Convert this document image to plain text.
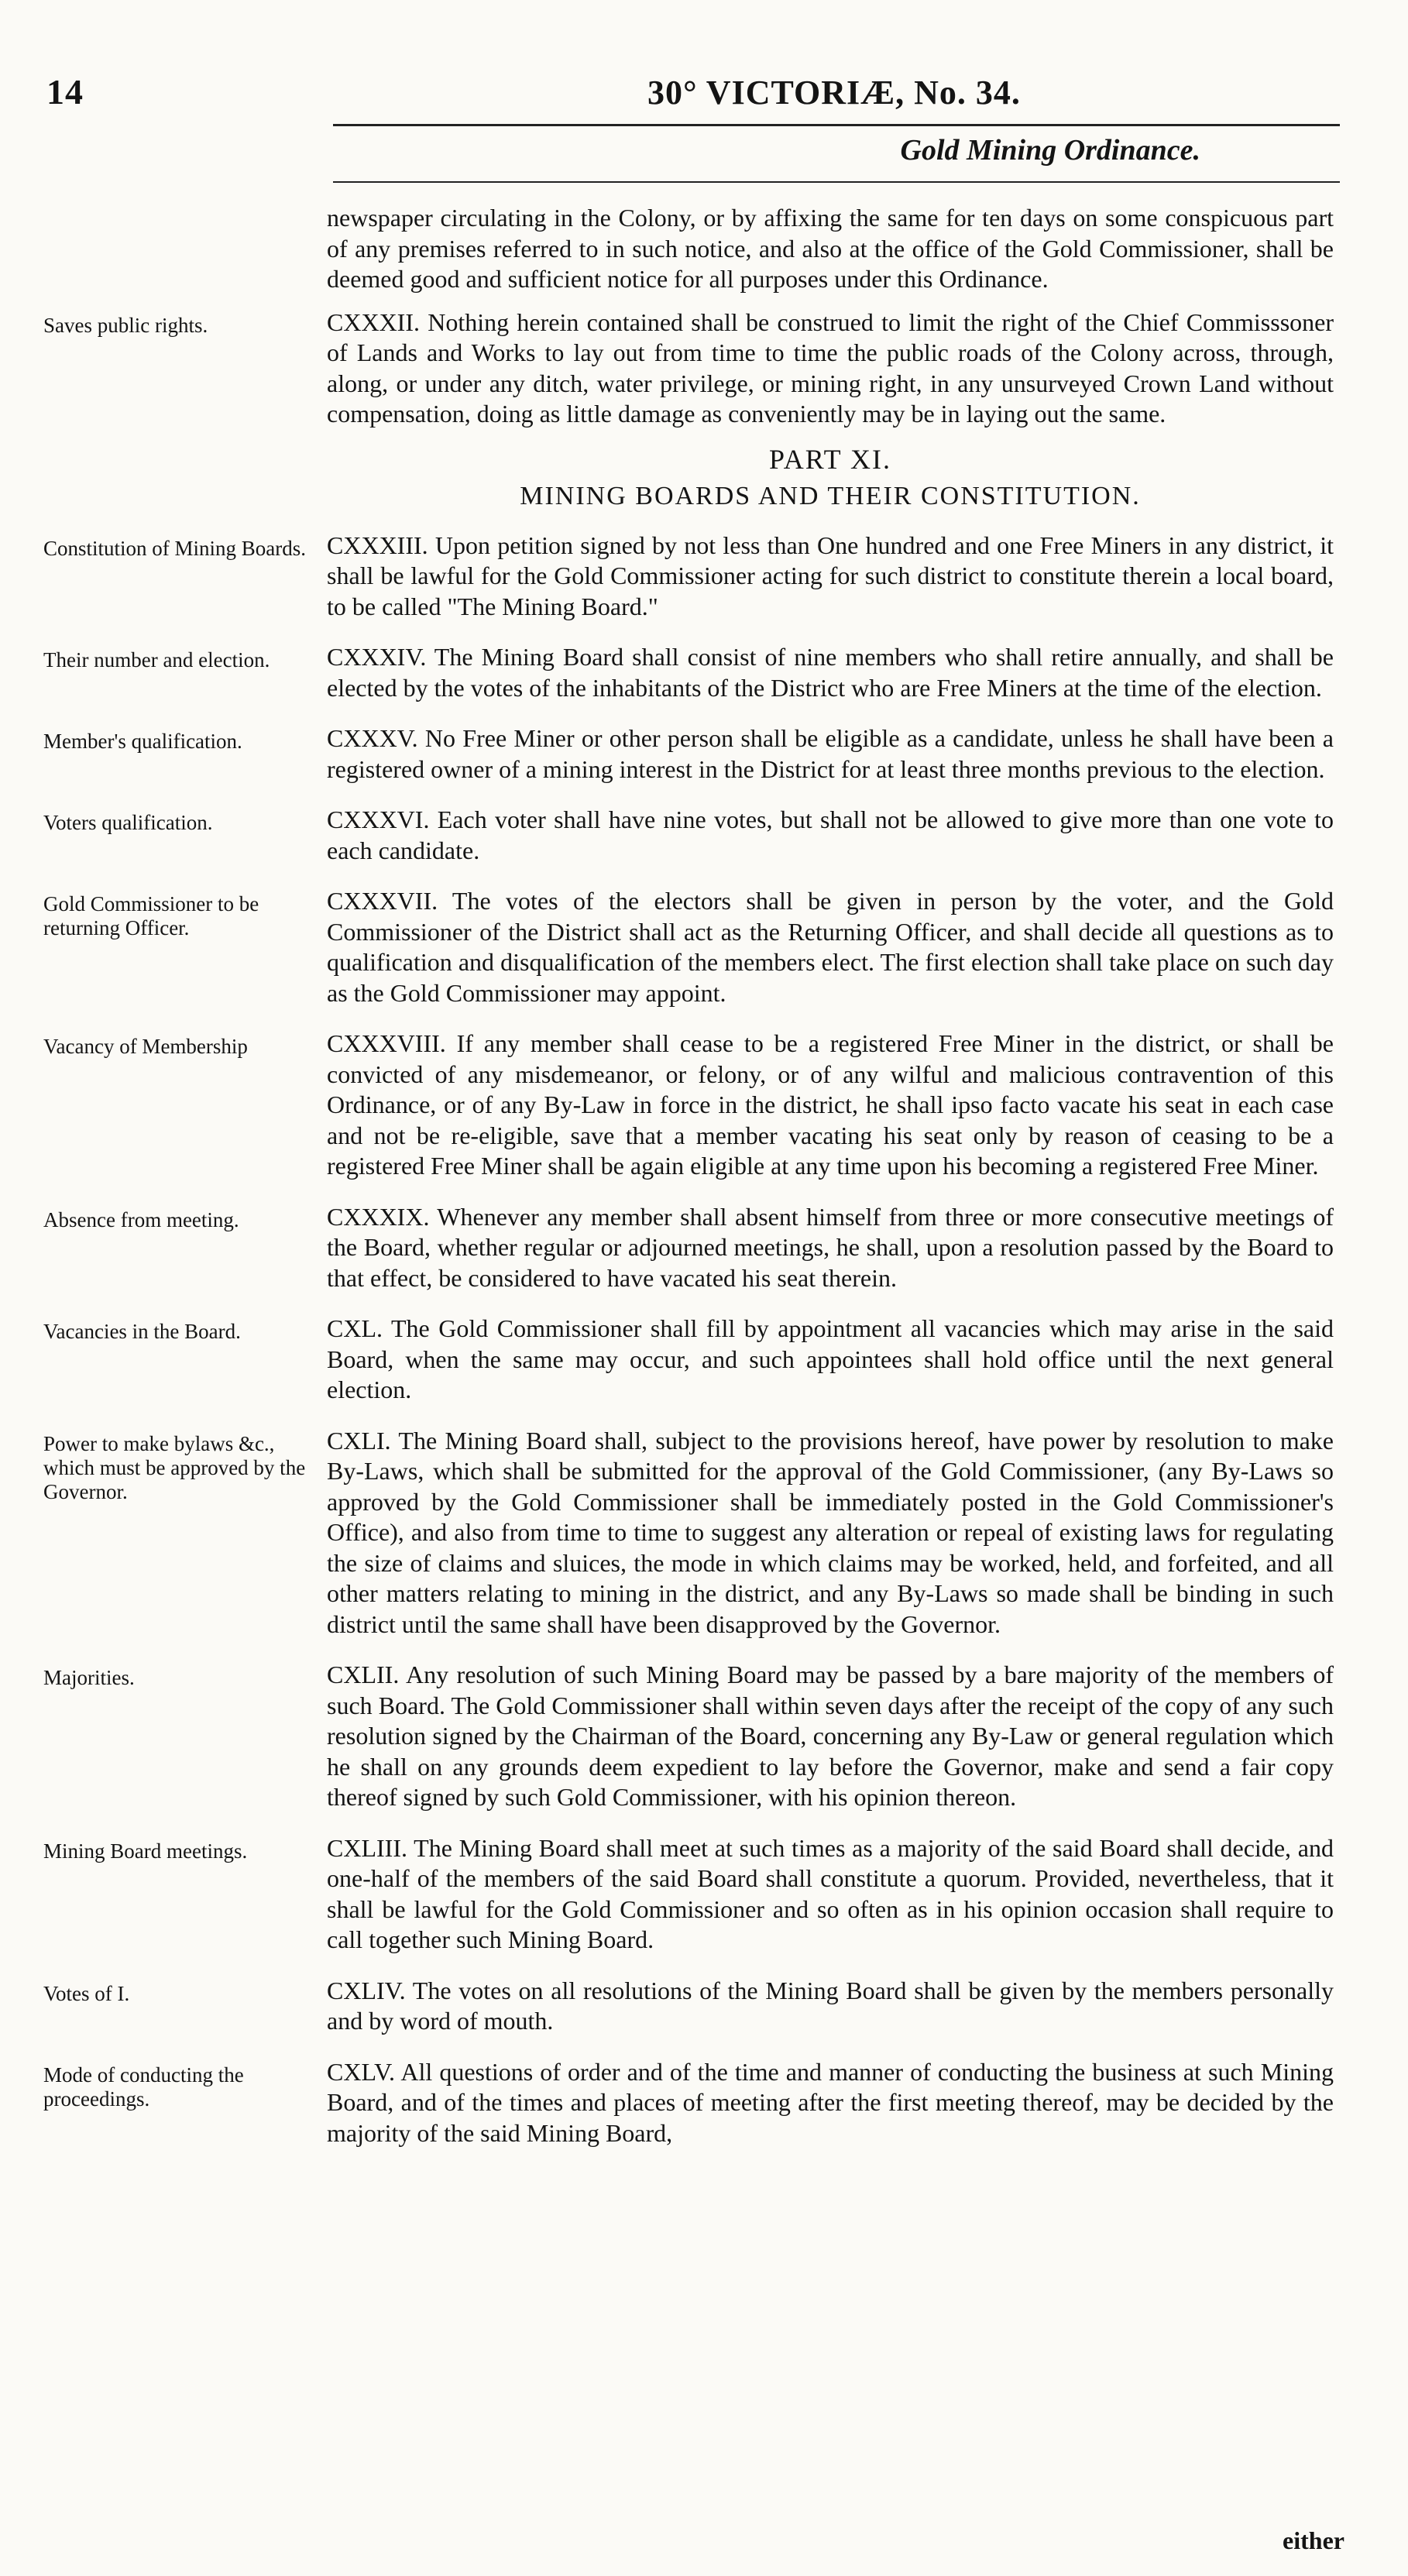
14	30° VICTORIÆ, No. 34.
Gold Mining Ordinance.
newspaper circulating in the Colony, or by affixing the same for ten days on some conspicuous part of any premises referred to in such notice, and also at the office of the Gold Commissioner, shall be deemed good and sufficient notice for all purposes under this Ordinance.
Saves public rights.	CXXXII. Nothing herein contained shall be construed to limit the right of the Chief Commisssoner of Lands and Works to lay out from time to time the public roads of the Colony across, through, along, or under any ditch, water privilege, or mining right, in any unsurveyed Crown Land without compensation, doing as little damage as conveniently may be in laying out the same.
PART XI.
MINING BOARDS AND THEIR CONSTITUTION.
Constitution of Mining Boards. CXXXIII. Upon petition signed by not less than One hundred and one Free Miners in any district, it shall be lawful for the Gold Commissioner acting for such district to constitute therein a local board, to be called "The Mining Board."
Their number and election.	CXXXIV. The Mining Board shall consist of nine members who shall retire annually, and shall be elected by the votes of the inhabitants of the District who are Free Miners at the time of the election.
Member's qualification.	CXXXV. No Free Miner or other person shall be eligible as a candidate, unless he shall have been a registered owner of a mining interest in the District for at least three months previous to the election.
Voters qualification.	CXXXVI. Each voter shall have nine votes, but shall not be allowed to give more than one vote to each candidate.
Gold Commissioner to be returning Officer.
CXXXVII. The votes of the electors shall be given in person by the voter, and the Gold Commissioner of the District shall act as the Returning Officer, and shall decide all questions as to qualification and disqualification of the members elect. The first election shall take place on such day as the Gold Commissioner may appoint.
Vacancy of Membership	CXXXVIII. If any member shall cease to be a registered Free Miner in the district, or shall be convicted of any misdemeanor, or felony, or of any wilful and malicious contravention of this Ordinance, or of any By-Law in force in the district, he shall ipso facto vacate his seat in each case and not be re-eligible, save that a member vacating his seat only by reason of ceasing to be a registered Free Miner shall be again eligible at any time upon his becoming a registered Free Miner.
Absence from meeting.	CXXXIX. Whenever any member shall absent himself from three or more consecutive meetings of the Board, whether regular or adjourned meetings, he shall, upon a resolution passed by the Board to that effect, be considered to have vacated his seat therein.
Vacancies in the Board.	CXL. The Gold Commissioner shall fill by appointment all vacancies which may arise in the said Board, when the same may occur, and such appointees shall hold office until the next general election.
Power to make bylaws &c., which must be approved by the Governor.
CXLI. The Mining Board shall, subject to the provisions hereof, have power by resolution to make By-Laws, which shall be submitted for the approval of the Gold Commissioner, (any By-Laws so approved by the Gold Commissioner shall be immediately posted in the Gold Commissioner's Office), and also from time to time to suggest any alteration or repeal of existing laws for regulating the size of claims and sluices, the mode in which claims may be worked, held, and forfeited, and all other matters relating to mining in the district, and any By-Laws so made shall be binding in such district until the same shall have been disapproved by the Governor.
Majorities.	CXLII. Any resolution of such Mining Board may be passed by a bare majority of the members of such Board. The Gold Commissioner shall within seven days after the receipt of the copy of any such resolution signed by the Chairman of the Board, concerning any By-Law or general regulation which he shall on any grounds deem expedient to lay before the Governor, make and send a fair copy thereof signed by such Gold Commissioner, with his opinion thereon.
Mining Board meetings.	CXLIII. The Mining Board shall meet at such times as a majority of the said Board shall decide, and one-half of the members of the said Board shall constitute a quorum. Provided, nevertheless, that it shall be lawful for the Gold Commissioner and so often as in his opinion occasion shall require to call together such Mining Board.
Votes of I.	CXLIV. The votes on all resolutions of the Mining Board shall be given by the members personally and by word of mouth.
Mode of conducting the proceedings.
CXLV. All questions of order and of the time and manner of conducting the business at such Mining Board, and of the times and places of meeting after the first meeting thereof, may be decided by the majority of the said Mining Board,
either
